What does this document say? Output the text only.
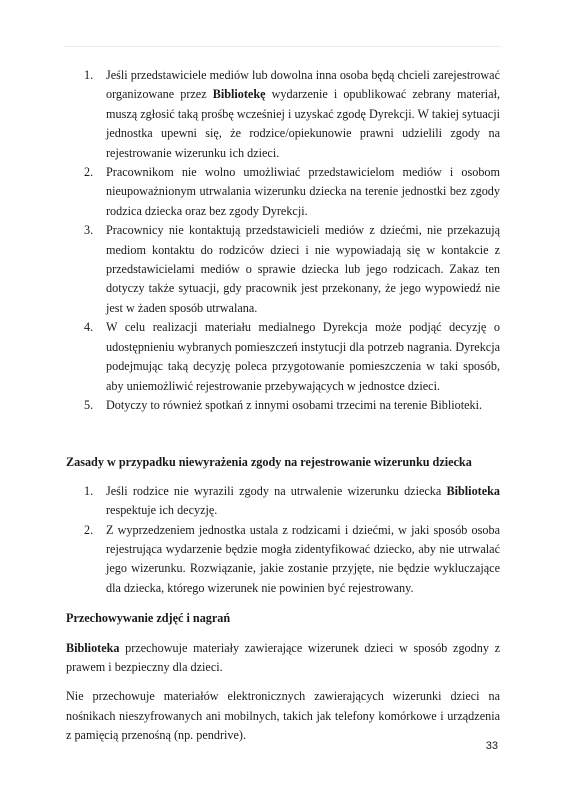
1.	Jeśli przedstawiciele mediów lub dowolna inna osoba będą chcieli zarejestrować organizowane przez Bibliotekę wydarzenie i opublikować zebrany materiał, muszą zgłosić taką prośbę wcześniej i uzyskać zgodę Dyrekcji. W takiej sytuacji jednostka upewni się, że rodzice/opiekunowie prawni udzielili zgody na rejestrowanie wizerunku ich dzieci.
2.	Pracownikom nie wolno umożliwiać przedstawicielom mediów i osobom nieupoważnionym utrwalania wizerunku dziecka na terenie jednostki bez zgody rodzica dziecka oraz bez zgody Dyrekcji.
3.	Pracownicy nie kontaktują przedstawicieli mediów z dziećmi, nie przekazują mediom kontaktu do rodziców dzieci i nie wypowiadają się w kontakcie z przedstawicielami mediów o sprawie dziecka lub jego rodzicach. Zakaz ten dotyczy także sytuacji, gdy pracownik jest przekonany, że jego wypowiedź nie jest w żaden sposób utrwalana.
4.	W celu realizacji materiału medialnego Dyrekcja może podjąć decyzję o udostępnieniu wybranych pomieszczeń instytucji dla potrzeb nagrania. Dyrekcja podejmując taką decyzję poleca przygotowanie pomieszczenia w taki sposób, aby uniemożliwić rejestrowanie przebywających w jednostce dzieci.
5.	Dotyczy to również spotkań z innymi osobami trzecimi na terenie Biblioteki.

Zasady w przypadku niewyrażenia zgody na rejestrowanie wizerunku dziecka

1.	Jeśli rodzice nie wyrazili zgody na utrwalenie wizerunku dziecka Biblioteka respektuje ich decyzję.
2.	Z wyprzedzeniem jednostka ustala z rodzicami i dziećmi, w jaki sposób osoba rejestrująca wydarzenie będzie mogła zidentyfikować dziecko, aby nie utrwalać jego wizerunku. Rozwiązanie, jakie zostanie przyjęte, nie będzie wykluczające dla dziecka, którego wizerunek nie powinien być rejestrowany.

Przechowywanie zdjęć i nagrań

Biblioteka przechowuje materiały zawierające wizerunek dzieci w sposób zgodny z prawem i bezpieczny dla dzieci.

Nie przechowuje materiałów elektronicznych zawierających wizerunki dzieci na nośnikach nieszyfrowanych ani mobilnych, takich jak telefony komórkowe i urządzenia z pamięcią przenośną (np. pendrive).

33
